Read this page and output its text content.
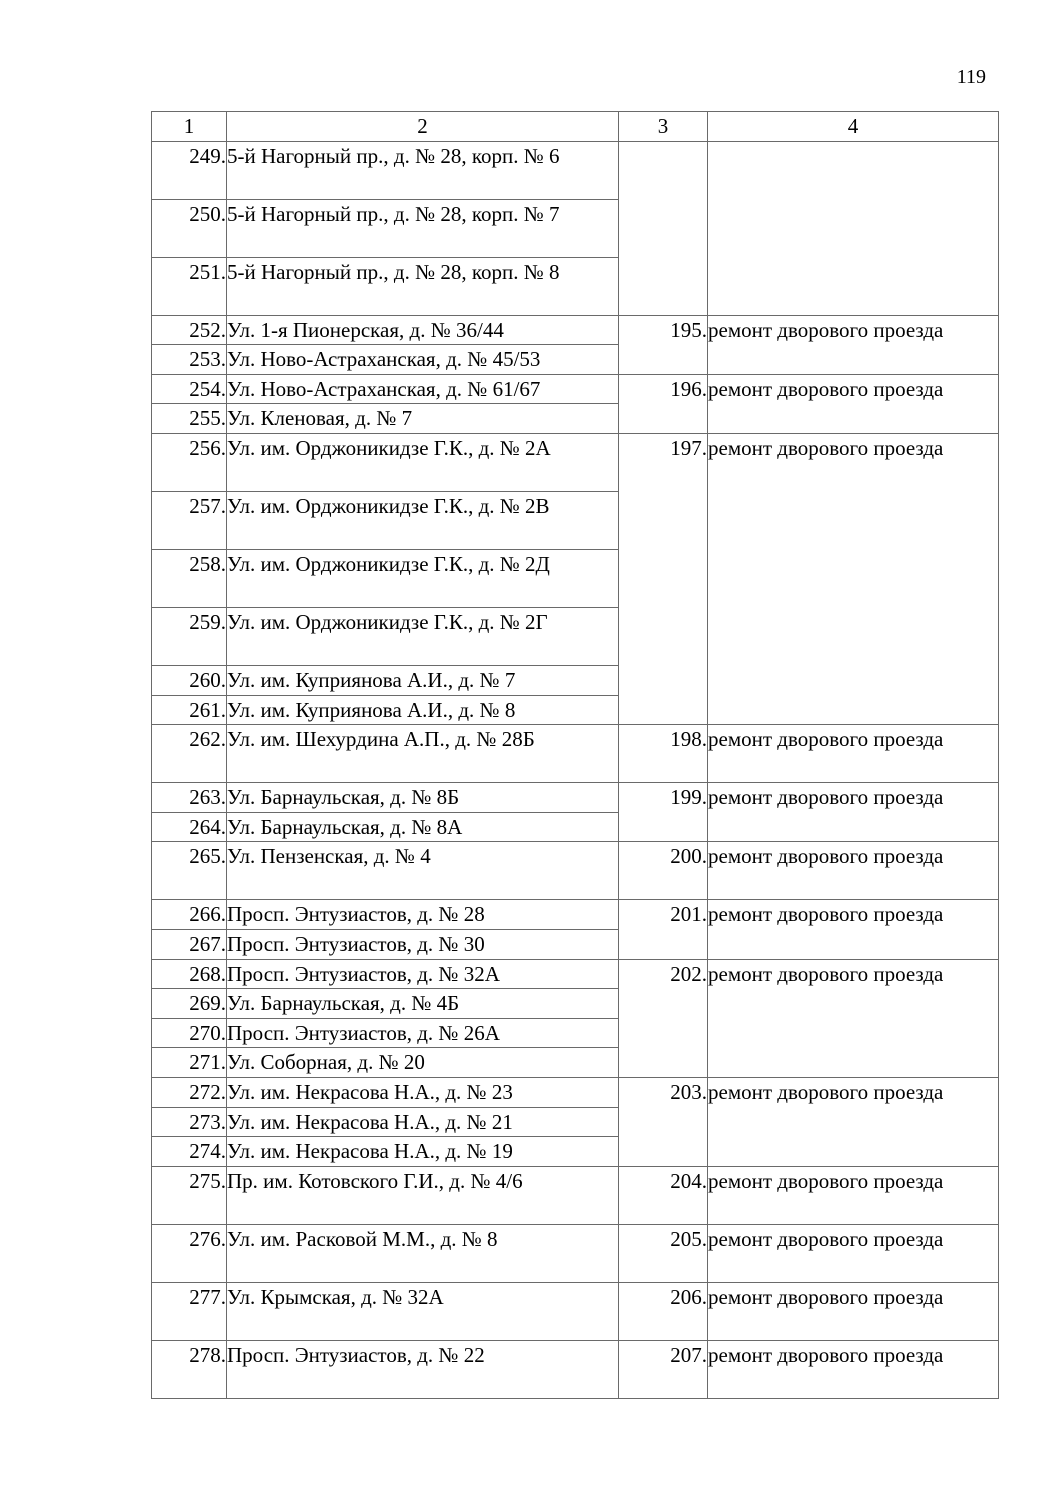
119
1	2	3	4
249.	5-й Нагорный пр., д. № 28, корп. № 6		
250.	5-й Нагорный пр., д. № 28, корп. № 7		
251.	5-й Нагорный пр., д. № 28, корп. № 8		
252.	Ул. 1-я Пионерская, д. № 36/44	195.	ремонт дворового проезда
253.	Ул. Ново-Астраханская, д. № 45/53		
254.	Ул. Ново-Астраханская, д. № 61/67	196.	ремонт дворового проезда
255.	Ул. Кленовая, д. № 7		
256.	Ул. им. Орджоникидзе Г.К., д. № 2А	197.	ремонт дворового проезда
257.	Ул. им. Орджоникидзе Г.К., д. № 2В		
258.	Ул. им. Орджоникидзе Г.К., д. № 2Д		
259.	Ул. им. Орджоникидзе Г.К., д. № 2Г		
260.	Ул. им. Куприянова А.И., д. № 7		
261.	Ул. им. Куприянова А.И., д. № 8		
262.	Ул. им. Шехурдина А.П., д. № 28Б	198.	ремонт дворового проезда
263.	Ул. Барнаульская, д. № 8Б	199.	ремонт дворового проезда
264.	Ул. Барнаульская, д. № 8А		
265.	Ул. Пензенская, д. № 4	200.	ремонт дворового проезда
266.	Просп. Энтузиастов, д. № 28	201.	ремонт дворового проезда
267.	Просп. Энтузиастов, д. № 30		
268.	Просп. Энтузиастов, д. № 32А	202.	ремонт дворового проезда
269.	Ул. Барнаульская, д. № 4Б		
270.	Просп. Энтузиастов, д. № 26А		
271.	Ул. Соборная, д. № 20		
272.	Ул. им. Некрасова Н.А., д. № 23	203.	ремонт дворового проезда
273.	Ул. им. Некрасова Н.А., д. № 21		
274.	Ул. им. Некрасова Н.А., д. № 19		
275.	Пр. им. Котовского Г.И., д. № 4/6	204.	ремонт дворового проезда
276.	Ул. им. Расковой М.М., д. № 8	205.	ремонт дворового проезда
277.	Ул. Крымская, д. № 32А	206.	ремонт дворового проезда
278.	Просп. Энтузиастов, д. № 22	207.	ремонт дворового проезда
